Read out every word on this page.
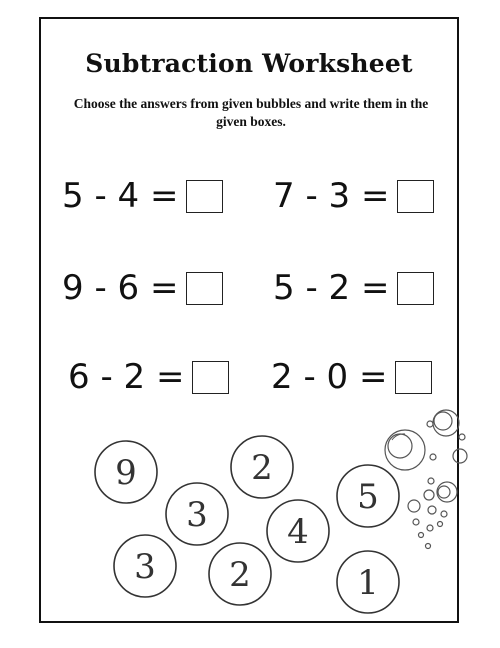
Subtraction Worksheet
Choose the answers from given bubbles and write them in the given boxes.
5 - 4 =	7 - 3 =
9 - 6 =	5 - 2 =
6 - 2 =	2 - 0 =
9	2
3	5
4
3 2	1
